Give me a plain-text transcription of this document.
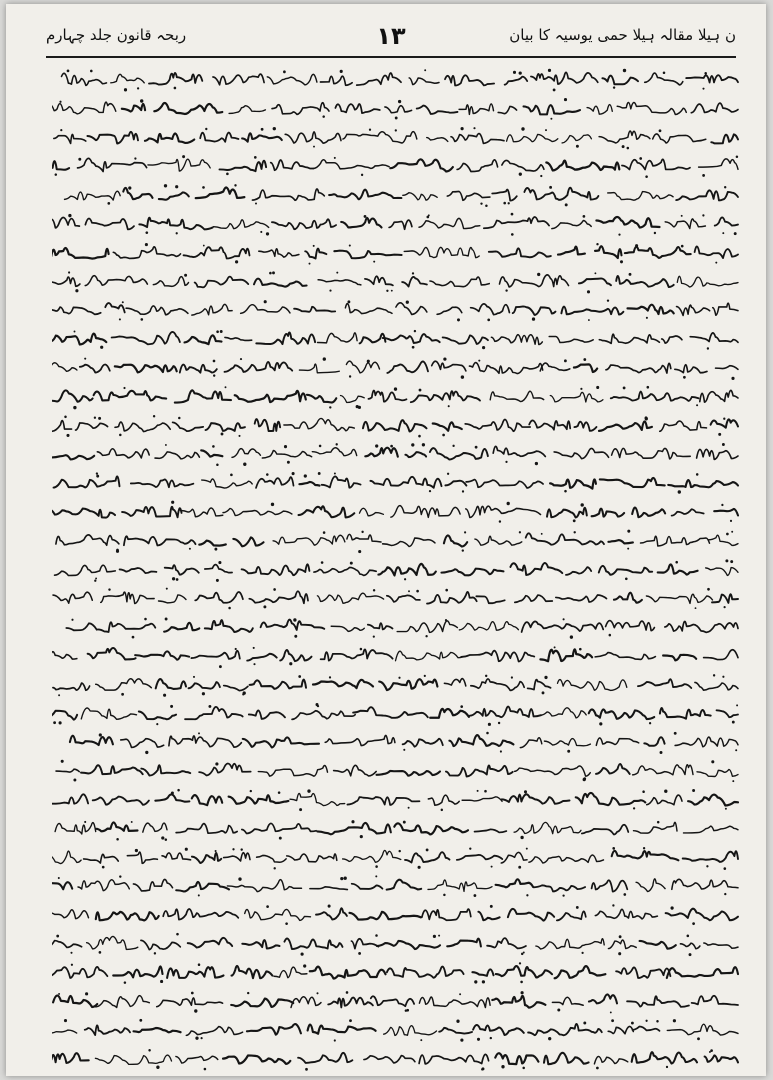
ن ہیلا مقالہ ہیلا حمی یوسیہ کا بیان
١٣
ربحہ قانون جلد چہارم
